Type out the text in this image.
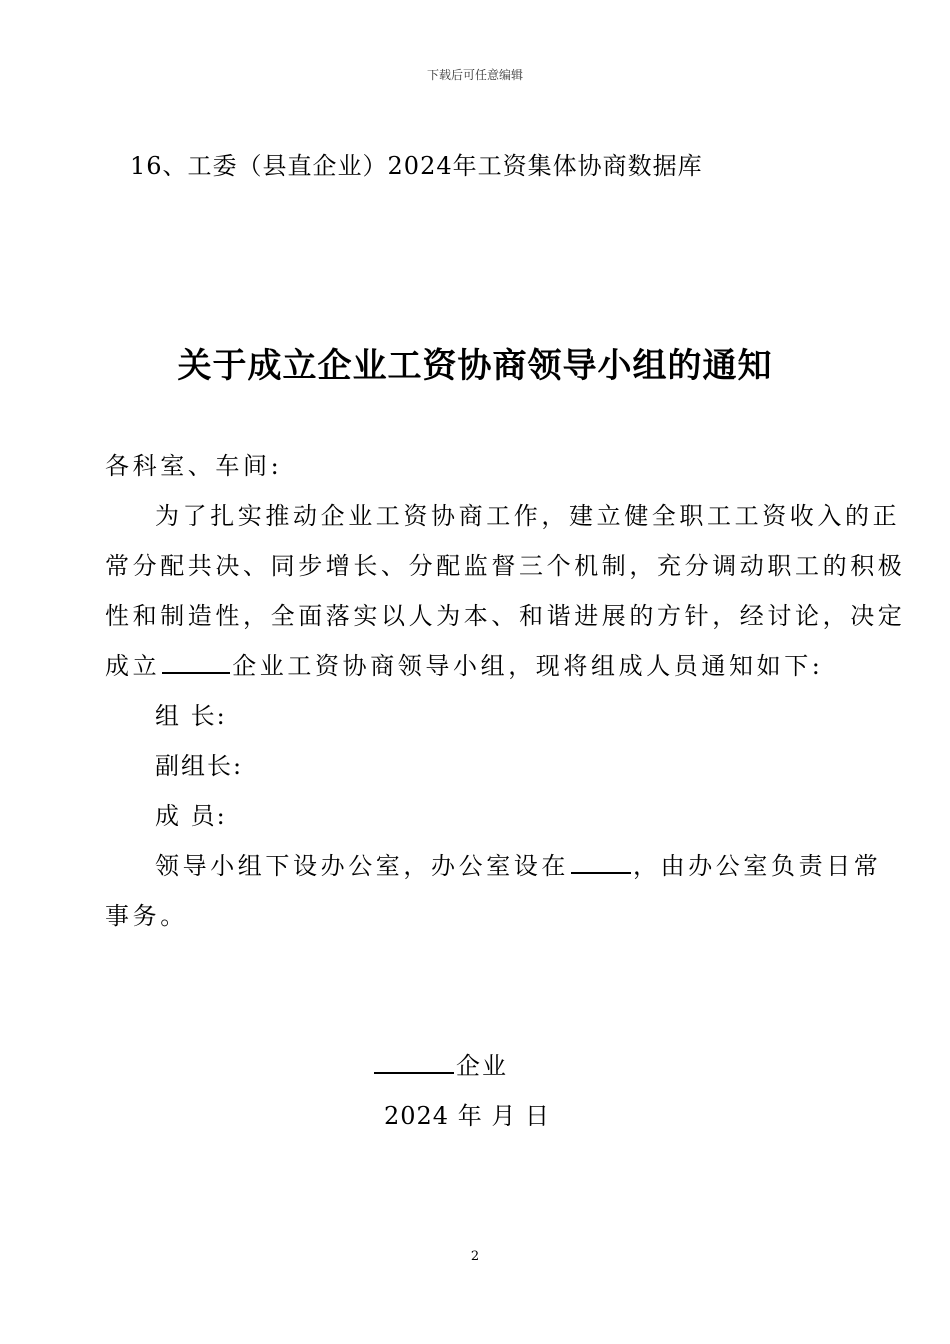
下载后可任意编辑
16、工委（县直企业）2024年工资集体协商数据库
关于成立企业工资协商领导小组的通知
各科室、车间:
为了扎实推动企业工资协商工作，建立健全职工工资收入的正
常分配共决、同步增长、分配监督三个机制，充分调动职工的积极
性和制造性，全面落实以人为本、和谐进展的方针，经讨论，决定
成立	企业工资协商领导小组，现将组成人员通知如下:
组 长:
副组长:
成 员:
领导小组下设办公室，办公室设在	，由办公室负责日常
事务。
企业
2024 年 月 日
2
